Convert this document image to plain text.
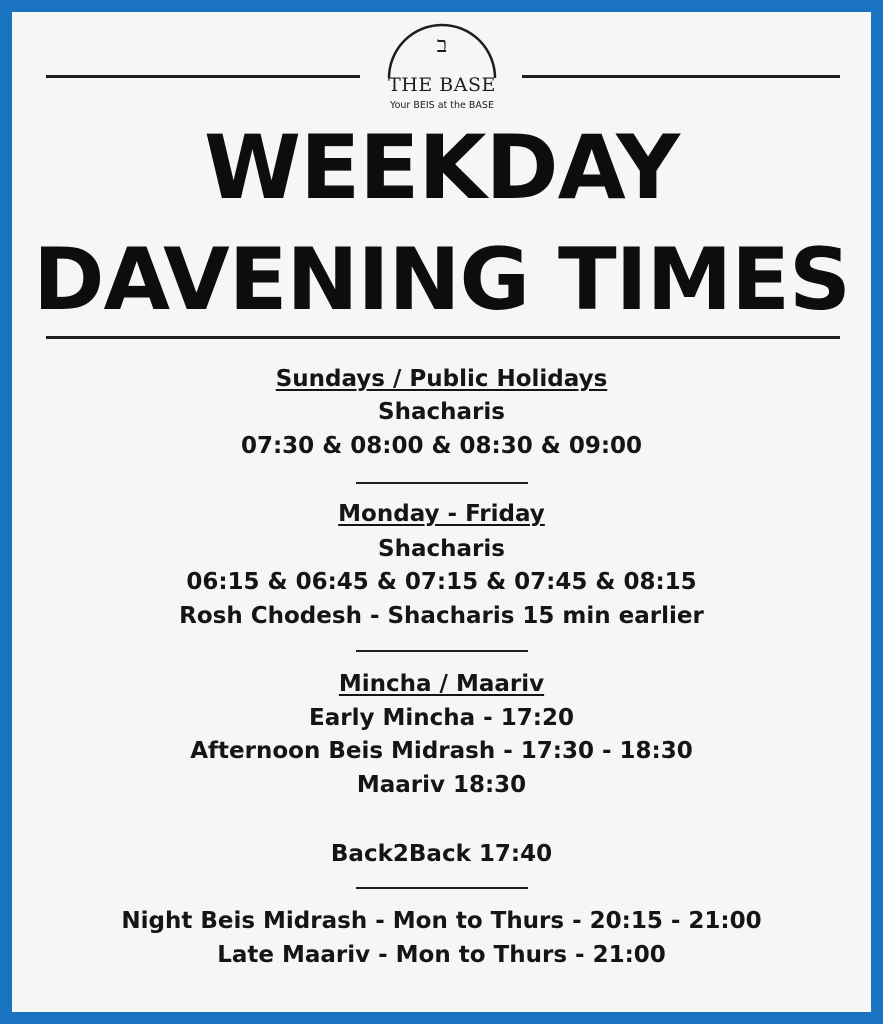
ב
THE BASE
Your BEIS at the BASE
WEEKDAY
DAVENING TIMES
Sundays / Public Holidays
Shacharis
07:30 & 08:00 & 08:30 & 09:00
Monday - Friday
Shacharis
06:15 & 06:45 & 07:15 & 07:45 & 08:15
Rosh Chodesh - Shacharis 15 min earlier
Mincha / Maariv
Early Mincha - 17:20
Afternoon Beis Midrash - 17:30 - 18:30
Maariv 18:30
Back2Back 17:40
Night Beis Midrash - Mon to Thurs - 20:15 - 21:00
Late Maariv - Mon to Thurs - 21:00
